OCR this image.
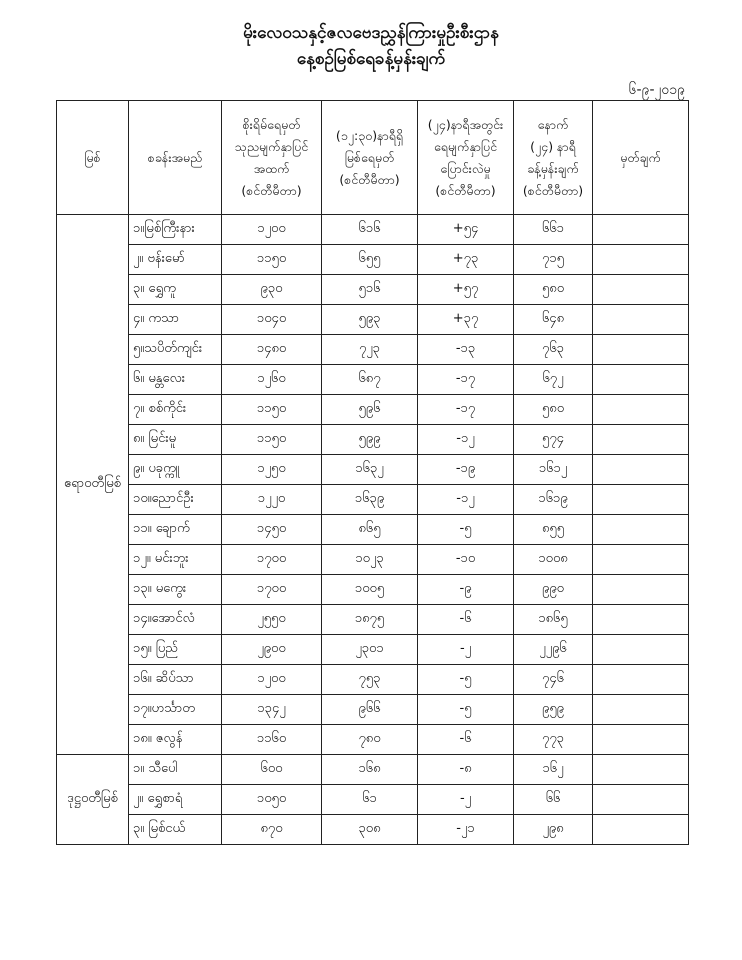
မိုးလေဝသနှင့်ဇလဗေဒညွှန်ကြားမှုဦးစီးဌာန
နေ့စဉ်မြစ်ရေခန့်မှန်းချက်
၆-၉-၂၀၁၉
မြစ်	စခန်းအမည်	စိုးရိမ်ရေမှတ်
သုညမျက်နှာပြင်
အထက်
(စင်တီမီတာ)	(၁၂:၃၀)နာရီရှိ
မြစ်ရေမှတ်
(စင်တီမီတာ)	(၂၄)နာရီအတွင်း
ရေမျက်နှာပြင်
ပြောင်းလဲမှု
(စင်တီမီတာ)	နောက်
(၂၄) နာရီ
ခန့်မှန်းချက်
(စင်တီမီတာ)	မှတ်ချက်

ဧရာဝတီမြစ်	၁။မြစ်ကြီးနား	၁၂၀၀	၆၁၆	+၅၄	၆၆၁	
	၂။ ဗန်းမော်	၁၁၅၀	၆၅၅	+၇၃	၇၁၅	
	၃။ ရွှေကူ	၉၃၀	၅၁၆	+၅၇	၅၈၀	
	၄။ ကသာ	၁၀၄၀	၅၉၃	+၃၇	၆၄၈	
	၅။သပိတ်ကျင်း	၁၄၈၀	၇၂၃	-၁၃	၇၆၃	
	၆။ မန္တလေး	၁၂၆၀	၆၈၇	-၁၇	၆၇၂	
	၇။ စစ်ကိုင်း	၁၁၅၀	၅၉၆	-၁၇	၅၈၀	
	၈။ မြင်းမူ	၁၁၅၀	၅၉၉	-၁၂	၅၇၄	
	၉။ ပခုက္ကူ	၁၂၅၀	၁၆၃၂	-၁၉	၁၆၁၂	
	၁၀။ညောင်ဦး	၁၂၂၀	၁၆၃၉	-၁၂	၁၆၁၉	
	၁၁။ ချောက်	၁၄၅၀	၈၆၅	-၅	၈၅၅	
	၁၂။ မင်းဘူး	၁၇၀၀	၁၀၂၃	-၁၀	၁၀၀၈	
	၁၃။ မကွေး	၁၇၀၀	၁၀၀၅	-၉	၉၉၀	
	၁၄။အောင်လံ	၂၅၅၀	၁၈၇၅	-၆	၁၈၆၅	
	၁၅။ ပြည်	၂၉၀၀	၂၃၀၁	-၂	၂၂၉၆	
	၁၆။ ဆိပ်သာ	၁၂၀၀	၇၅၃	-၅	၇၄၆	
	၁၇။ဟင်္သာတ	၁၃၄၂	၉၆၆	-၅	၉၅၉	
	၁၈။ ဇလွန်	၁၁၆၀	၇၈၀	-၆	၇၇၃	
ဒုဋ္ဌဝတီမြစ်	၁။ သီပေါ	၆၀၀	၁၆၈	-၈	၁၆၂	
	၂။ ရွှေစာရံ	၁၀၅၀	၆၁	-၂	၆၆	
	၃။ မြစ်ငယ်	၈၇၀	၃၀၈	-၂၁	၂၉၈	
